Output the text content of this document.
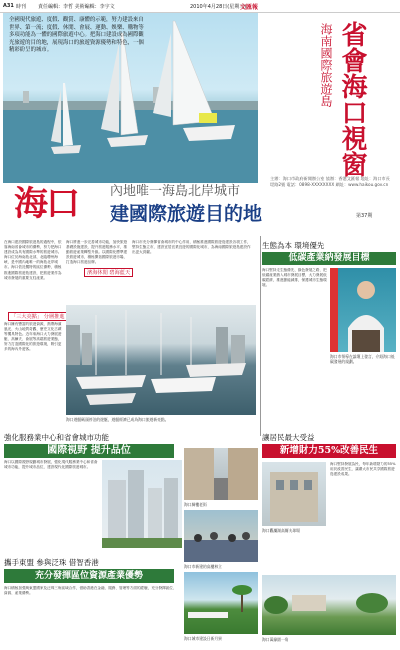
A31 時刊 責任編輯：李哲 美術編輯：李宇文	2010年4月28日(星期三)
文匯報
全國現代旅遊、度假、觀賞、康體的示範，努力建設來自世界、第一流；度假、休閒、會展、運動、娛樂、購物等多項功能為一體的國際旅遊中心。把海口建設成為國際觀光旅遊的目的地，展現海口的旅遊資源優勢和特色，一個精彩紛呈的城市。	海南國際旅遊島 省會海口視窗
主辦：海口市政府新聞辦公室 協辦：香港文匯報 地址：海口市長堤路2號 電話：0898-XXXXXXXX 網址：www.haikou.gov.cn
第37期
海口 內地唯一海島北岸城市
建國際旅遊目的地
在海口建設國際旅遊島的過程中，依靠海南省會城市的優勢，努力把海口建設成為具有國際水準的旅遊城市。海口位於海南島北部，北臨瓊州海峽，是中國內地唯一的海島北岸城市。海口依託獨特的區位優勢，積極推進國際旅遊島建設，把旅遊業作為城市發展的重要支柱產業。
「三大亮點」 分層推進
海口擁有豐富的旅遊資源，熱帶海濱風光、火山地質奇觀、歷史文化古蹟等獨具特色。近年來海口大力發展遊艇、高爾夫、會展等高端旅遊業態，努力打造國際化的旅遊環境，吸引更多的海內外遊客。
海口將進一步完善城市功能，加快旅遊基礎設施建設，提升旅遊服務水平，推動旅遊產業轉型升級。以國際化標準建設旅遊城市，積極開拓國際旅遊市場，打造海口旅遊品牌。
濱海休閒 碧海藍天
海口市充分發揮省會城市的中心作用，積極推進國際旅遊島建設各項工作，堅持生態立市，建設宜居宜業宜遊的國際化城市，為海南國際旅遊島建設作出更大貢獻。
海口遊艇碼頭停泊的遊艇，遊艇經濟已成為海口旅遊新亮點。
生態為本 環境優先
低碳產業納發展目標
海口堅持走生態優先、綠色發展之路，把低碳產業納入城市發展目標，大力發展低碳經濟，推進節能減排，保護城市生態環境。
海口市領導在論壇上發言，介紹海口低碳發展的規劃。
強化服務業中心和省會城市功能
國際視野 提升品位
海口以國際視野規劃城市發展，強化現代服務業中心和省會城市功能，提升城市品位，建設現代化國際旅遊城市。
攜手東盟 參與泛珠 借智香港
充分發揮區位資源產業優勢
海口積極加強與東盟國家及泛珠三角區域合作，借助香港在金融、服務、管理等方面的經驗，充分發揮區位、資源、產業優勢。
海口騎樓老街
海口市新建的高樓林立
海口城市建設日新月異
讓居民最大受益
新增財力55%改善民生
海口堅持發展為民，每年新增財力的55%用於改善民生，讓廣大市民共享國際旅遊島建設成果。
海口觀瀾湖高爾夫球場
海口萬綠園一角
